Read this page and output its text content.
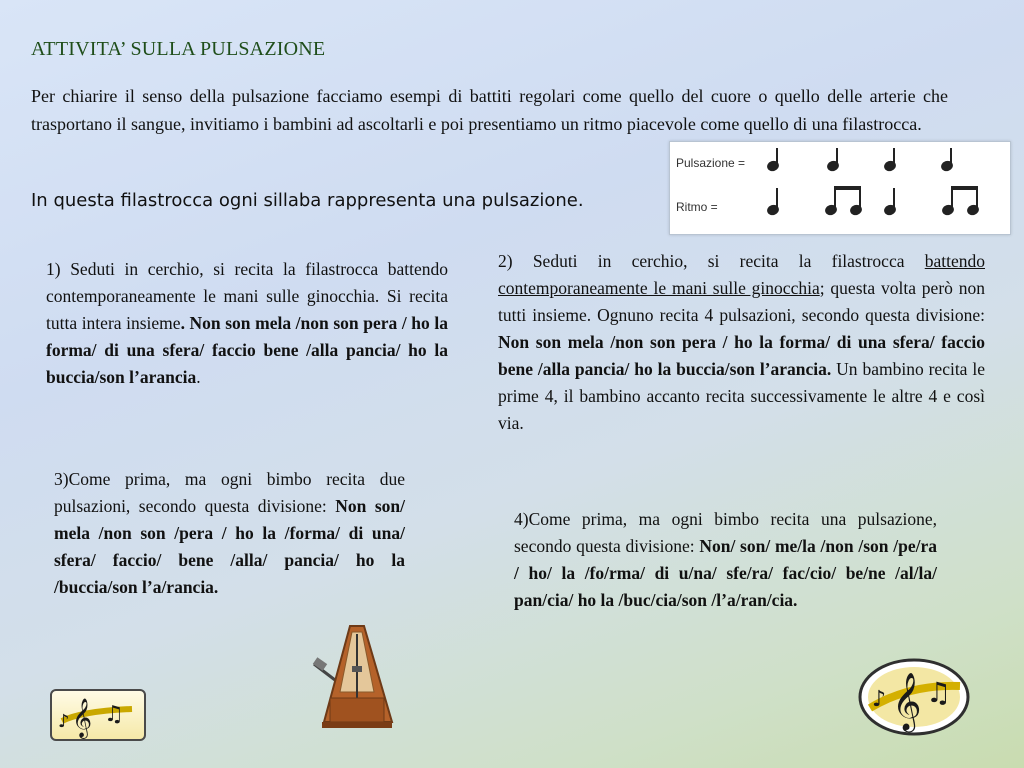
ATTIVITA’ SULLA PULSAZIONE
Per chiarire il senso della pulsazione facciamo esempi di battiti regolari come quello del cuore o quello delle arterie che trasportano il sangue, invitiamo i bambini ad ascoltarli e poi presentiamo un ritmo piacevole come quello di una filastrocca.
In questa filastrocca ogni sillaba rappresenta una pulsazione.
Pulsazione =
Ritmo =
1) Seduti in cerchio, si recita la filastrocca battendo contemporaneamente le mani sulle ginocchia. Si recita tutta intera insieme. Non son mela /non son pera / ho la forma/ di una sfera/ faccio bene /alla pancia/ ho la buccia/son l’arancia.
2) Seduti in cerchio, si recita la filastrocca battendo contemporaneamente le mani sulle ginocchia; questa volta però non tutti insieme. Ognuno recita 4 pulsazioni, secondo questa divisione: Non son mela /non son pera / ho la forma/ di una sfera/ faccio bene /alla pancia/ ho la buccia/son l’arancia. Un bambino recita le prime 4, il bambino accanto recita successivamente le altre 4 e così via.
3)Come prima, ma ogni bimbo recita due pulsazioni, secondo questa divisione: Non son/ mela /non son /pera / ho la /forma/ di una/ sfera/ faccio/ bene /alla/ pancia/ ho la /buccia/son l’a/rancia.
4)Come prima, ma ogni bimbo recita una pulsazione, secondo questa divisione: Non/ son/ me/la /non /son /pe/ra / ho/ la /fo/rma/ di u/na/ sfe/ra/ fac/cio/ be/ne /al/la/ pan/cia/ ho la /buc/cia/son /l’a/ran/cia.
𝄞
♪ ♫	𝄞
♪ ♫
